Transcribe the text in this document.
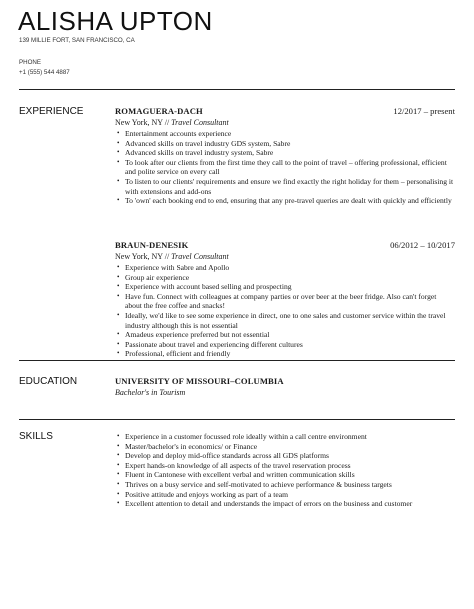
ALISHA UPTON
139 MILLIE FORT, SAN FRANCISCO, CA
PHONE
+1 (555) 544 4887
EXPERIENCE	ROMAGUERA-DACH	12/2017 – present
New York, NY // Travel Consultant
• Entertainment accounts experience
• Advanced skills on travel industry GDS system, Sabre
• Advanced skills on travel industry system, Sabre
• To look after our clients from the first time they call to the point of travel – offering professional, efficient and polite service on every call
• To listen to our clients' requirements and ensure we find exactly the right holiday for them – personalising it with extensions and add-ons
• To 'own' each booking end to end, ensuring that any pre-travel queries are dealt with quickly and efficiently
BRAUN-DENESIK	06/2012 – 10/2017
New York, NY // Travel Consultant
• Experience with Sabre and Apollo
• Group air experience
• Experience with account based selling and prospecting
• Have fun. Connect with colleagues at company parties or over beer at the beer fridge. Also can't forget about the free coffee and snacks!
• Ideally, we'd like to see some experience in direct, one to one sales and customer service within the travel industry although this is not essential
• Amadeus experience preferred but not essential
• Passionate about travel and experiencing different cultures
• Professional, efficient and friendly
EDUCATION	UNIVERSITY OF MISSOURI–COLUMBIA
Bachelor's in Tourism
SKILLS
•	Experience in a customer focussed role ideally within a call centre environment
• Master/bachelor's in economics/ or Finance
• Develop and deploy mid-office standards across all GDS platforms
• Expert hands-on knowledge of all aspects of the travel reservation process
• Fluent in Cantonese with excellent verbal and written communication skills
• Thrives on a busy service and self-motivated to achieve performance & business targets
• Positive attitude and enjoys working as part of a team
• Excellent attention to detail and understands the impact of errors on the business and customer
